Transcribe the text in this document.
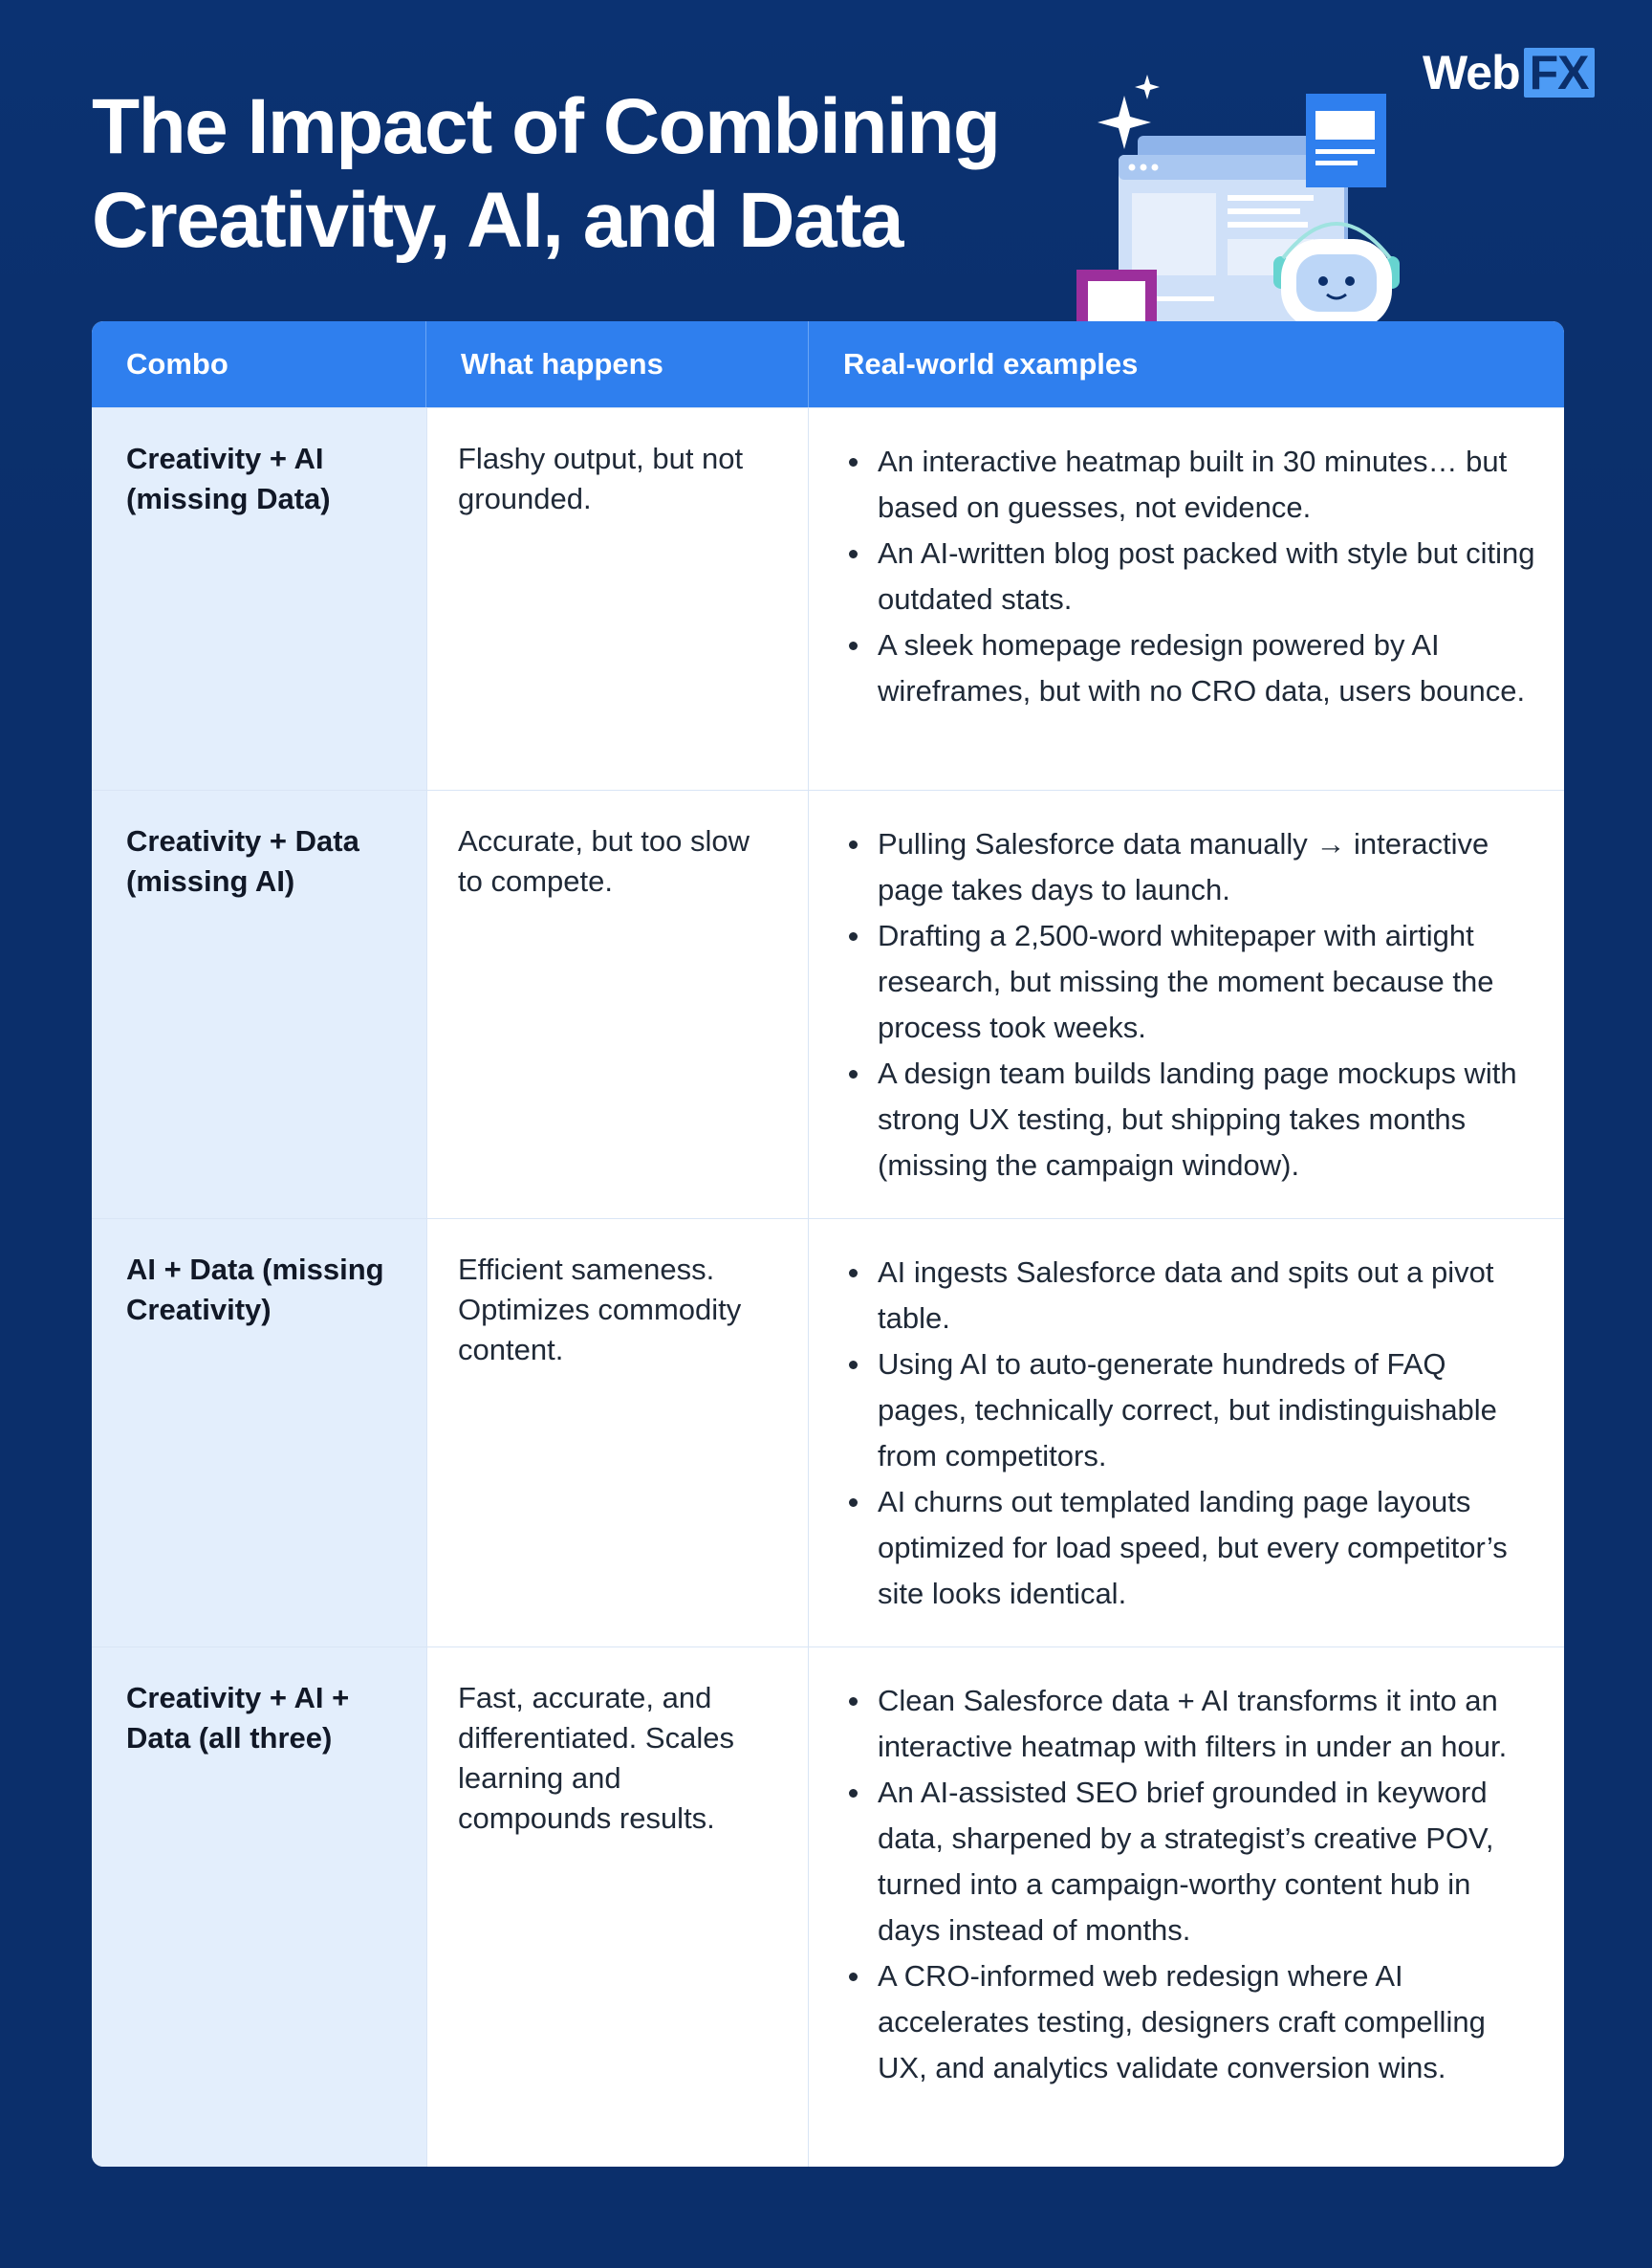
The Impact of Combining
Creativity, AI, and Data
Web FX
Combo	What happens	Real-world examples
Creativity + AI (missing Data)
Flashy output, but not grounded.
An interactive heatmap built in 30 minutes… but based on guesses, not evidence.
An AI-written blog post packed with style but citing outdated stats.
A sleek homepage redesign powered by AI wireframes, but with no CRO data, users bounce.
Creativity + Data (missing AI)
Accurate, but too slow to compete.
Pulling Salesforce data manually → interactive page takes days to launch.
Drafting a 2,500-word whitepaper with airtight research, but missing the moment because the process took weeks.
A design team builds landing page mockups with strong UX testing, but shipping takes months (missing the campaign window).
AI + Data (missing Creativity)
Efficient sameness. Optimizes commodity content.
AI ingests Salesforce data and spits out a pivot table.
Using AI to auto-generate hundreds of FAQ pages, technically correct, but indistinguishable from competitors.
AI churns out templated landing page layouts optimized for load speed, but every competitor’s site looks identical.
Creativity + AI + Data (all three)
Fast, accurate, and differentiated. Scales learning and compounds results.
Clean Salesforce data + AI transforms it into an interactive heatmap with filters in under an hour.
An AI-assisted SEO brief grounded in keyword data, sharpened by a strategist’s creative POV, turned into a campaign-worthy content hub in days instead of months.
A CRO-informed web redesign where AI accelerates testing, designers craft compelling UX, and analytics validate conversion wins.
